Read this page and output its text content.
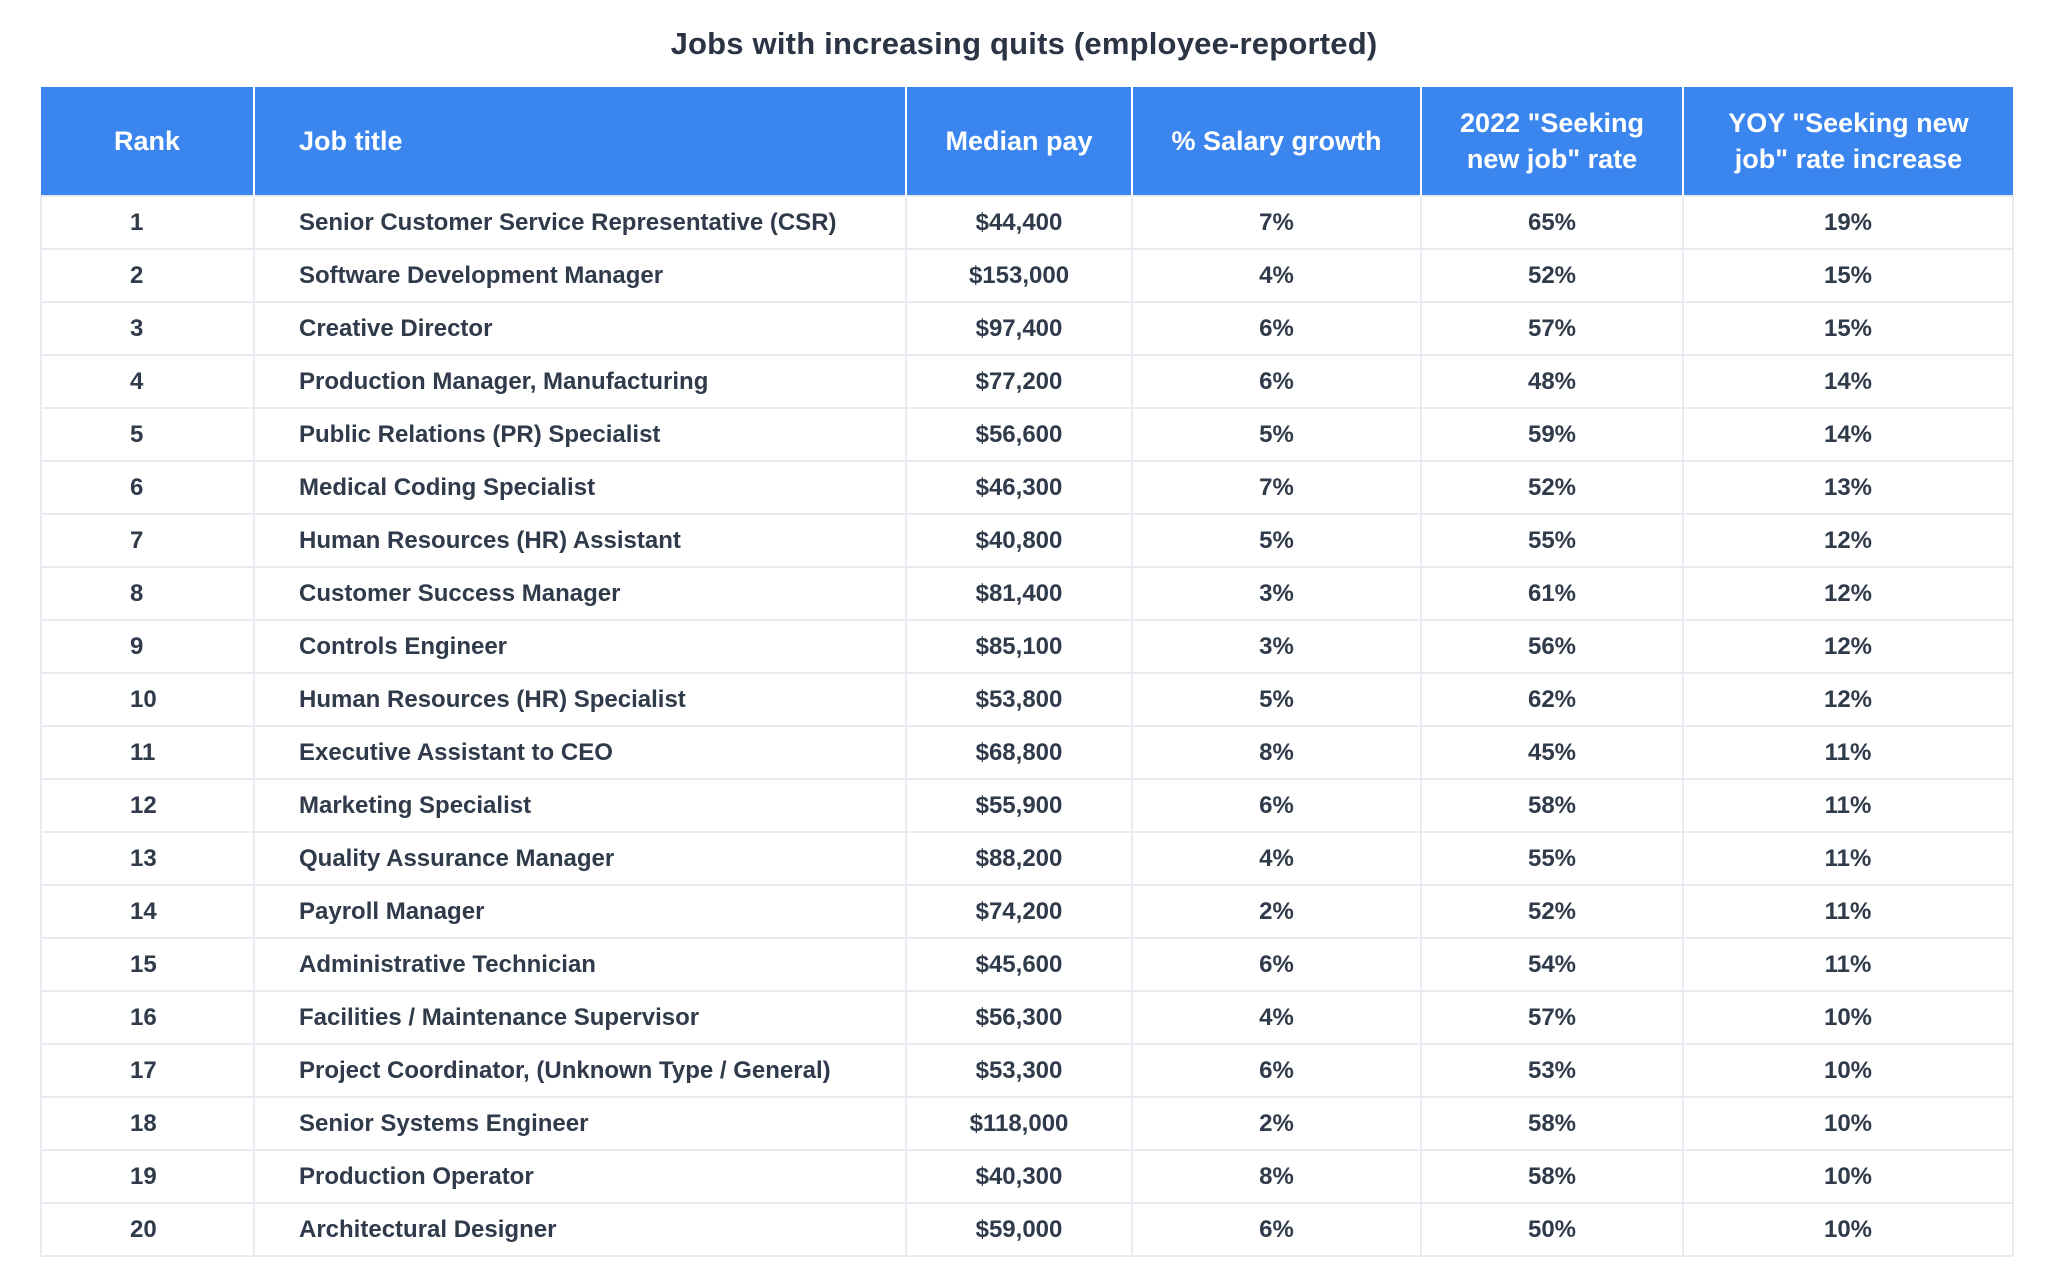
Jobs with increasing quits (employee-reported)
Rank	Job title	Median pay	% Salary growth	2022 "Seeking new job" rate	YOY "Seeking new job" rate increase
1	Senior Customer Service Representative (CSR)	$44,400	7%	65%	19%
2	Software Development Manager	$153,000	4%	52%	15%
3	Creative Director	$97,400	6%	57%	15%
4	Production Manager, Manufacturing	$77,200	6%	48%	14%
5	Public Relations (PR) Specialist	$56,600	5%	59%	14%
6	Medical Coding Specialist	$46,300	7%	52%	13%
7	Human Resources (HR) Assistant	$40,800	5%	55%	12%
8	Customer Success Manager	$81,400	3%	61%	12%
9	Controls Engineer	$85,100	3%	56%	12%
10	Human Resources (HR) Specialist	$53,800	5%	62%	12%
11	Executive Assistant to CEO	$68,800	8%	45%	11%
12	Marketing Specialist	$55,900	6%	58%	11%
13	Quality Assurance Manager	$88,200	4%	55%	11%
14	Payroll Manager	$74,200	2%	52%	11%
15	Administrative Technician	$45,600	6%	54%	11%
16	Facilities / Maintenance Supervisor	$56,300	4%	57%	10%
17	Project Coordinator, (Unknown Type / General)	$53,300	6%	53%	10%
18	Senior Systems Engineer	$118,000	2%	58%	10%
19	Production Operator	$40,300	8%	58%	10%
20	Architectural Designer	$59,000	6%	50%	10%
